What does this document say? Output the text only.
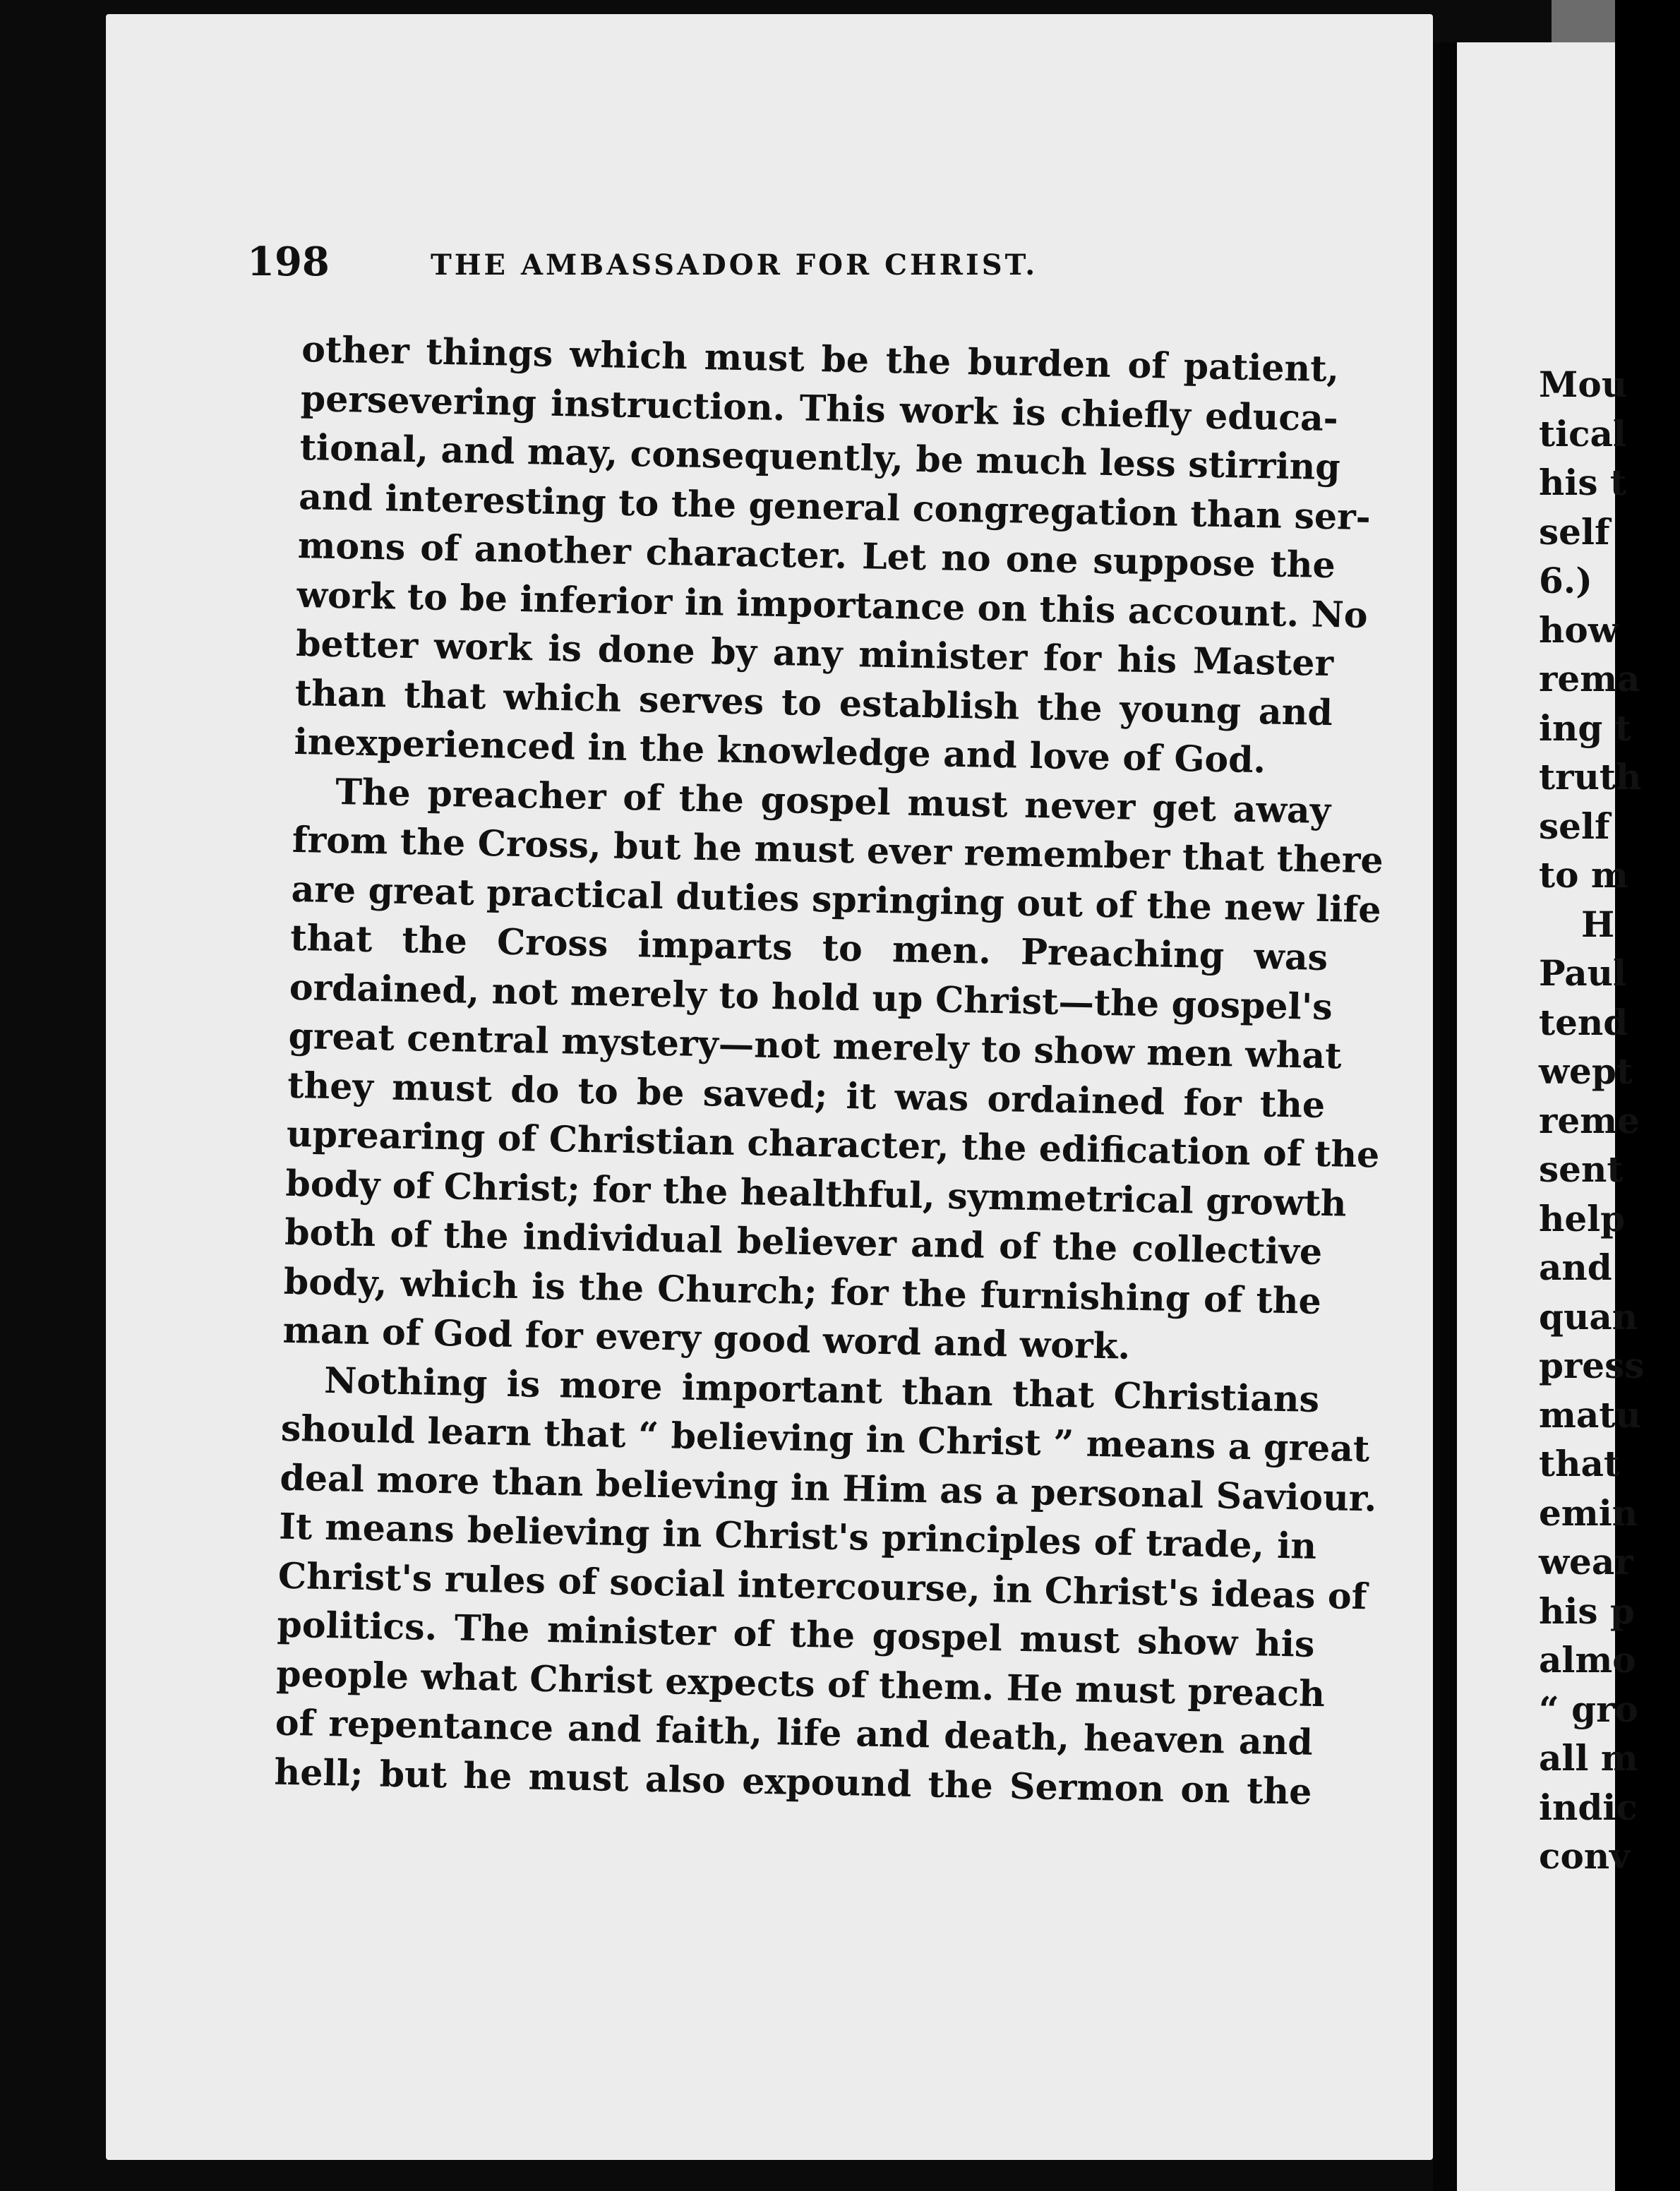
198	THE AMBASSADOR FOR CHRIST.
other things which must be the burden of patient,
persevering instruction. This work is chiefly educa-
tional, and may, consequently, be much less stirring
and interesting to the general congregation than ser-
mons of another character. Let no one suppose the
work to be inferior in importance on this account. No
better work is done by any minister for his Master
than that which serves to establish the young and
inexperienced in the knowledge and love of God.
The preacher of the gospel must never get away
from the Cross, but he must ever remember that there
are great practical duties springing out of the new life
that the Cross imparts to men. Preaching was
ordained, not merely to hold up Christ—the gospel's
great central mystery—not merely to show men what
they must do to be saved; it was ordained for the
uprearing of Christian character, the edification of the
body of Christ; for the healthful, symmetrical growth
both of the individual believer and of the collective
body, which is the Church; for the furnishing of the
man of God for every good word and work.
Nothing is more important than that Christians
should learn that “ believing in Christ ” means a great
deal more than believing in Him as a personal Saviour.
It means believing in Christ's principles of trade, in
Christ's rules of social intercourse, in Christ's ideas of
politics. The minister of the gospel must show his
people what Christ expects of them. He must preach
of repentance and faith, life and death, heaven and
hell; but he must also expound the Sermon on the
Mou
tical
his t
self
6.)
how
rema
ing t
truth
self
to m
H
Paul
tend
wept
reme
sent
help
and
quan
press
matu
that
emin
wear
his p
almo
“ gro
all m
indic
conv
